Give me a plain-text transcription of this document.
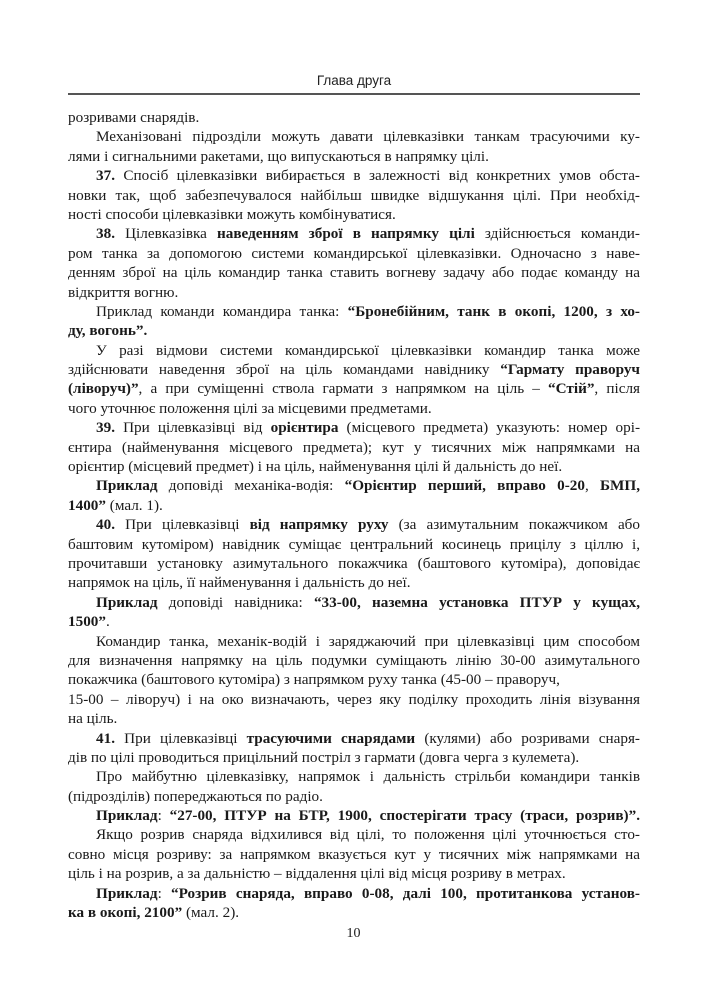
Глава друга
розривами снарядів.
Механізовані підрозділи можуть давати цілевказівки танкам трасуючими ку-
лями і сигнальними ракетами, що випускаються в напрямку цілі.
37. Спосіб цілевказівки вибирається в залежності від конкретних умов обста-
новки так, щоб забезпечувалося найбільш швидке відшукання цілі. При необхід-
ності способи цілевказівки можуть комбінуватися.
38. Цілевказівка наведенням зброї в напрямку цілі здійснюється команди-
ром танка за допомогою системи командирської цілевказівки. Одночасно з наве-
денням зброї на ціль командир танка ставить вогневу задачу або подає команду на
відкриття вогню.
Приклад команди командира танка: “Бронебійним, танк в окопі, 1200, з хо-
ду, вогонь”.
У разі відмови системи командирської цілевказівки командир танка може
здійснювати наведення зброї на ціль командами навіднику “Гармату праворуч
(ліворуч)”, а при суміщенні ствола гармати з напрямком на ціль – “Стій”, після
чого уточнює положення цілі за місцевими предметами.
39. При цілевказівці від орієнтира (місцевого предмета) указують: номер орі-
єнтира (найменування місцевого предмета); кут у тисячних між напрямками на
орієнтир (місцевий предмет) і на ціль, найменування цілі й дальність до неї.
Приклад доповіді механіка-водія: “Орієнтир перший, вправо 0-20, БМП,
1400” (мал. 1).
40. При цілевказівці від напрямку руху (за азимутальним покажчиком або
баштовим кутоміром) навідник суміщає центральний косинець прицілу з ціллю і,
прочитавши установку азимутального покажчика (баштового кутоміра), доповідає
напрямок на ціль, її найменування і дальність до неї.
Приклад доповіді навідника: “33-00, наземна установка ПТУР у кущах,
1500”.
Командир танка, механік-водій і заряджаючий при цілевказівці цим способом
для визначення напрямку на ціль подумки суміщають лінію 30-00 азимутального
покажчика (баштового кутоміра) з напрямком руху танка (45-00 – праворуч,
15-00 – ліворуч) і на око визначають, через яку поділку проходить лінія візування
на ціль.
41. При цілевказівці трасуючими снарядами (кулями) або розривами снаря-
дів по цілі проводиться прицільний постріл з гармати (довга черга з кулемета).
Про майбутню цілевказівку, напрямок і дальність стрільби командири танків
(підрозділів) попереджаються по радіо.
Приклад: “27-00, ПТУР на БТР, 1900, спостерігати трасу (траси, розрив)”.
Якщо розрив снаряда відхилився від цілі, то положення цілі уточнюється сто-
совно місця розриву: за напрямком вказується кут у тисячних між напрямками на
ціль і на розрив, а за дальністю – віддалення цілі від місця розриву в метрах.
Приклад: “Розрив снаряда, вправо 0-08, далі 100, протитанкова установ-
ка в окопі, 2100” (мал. 2).
10
